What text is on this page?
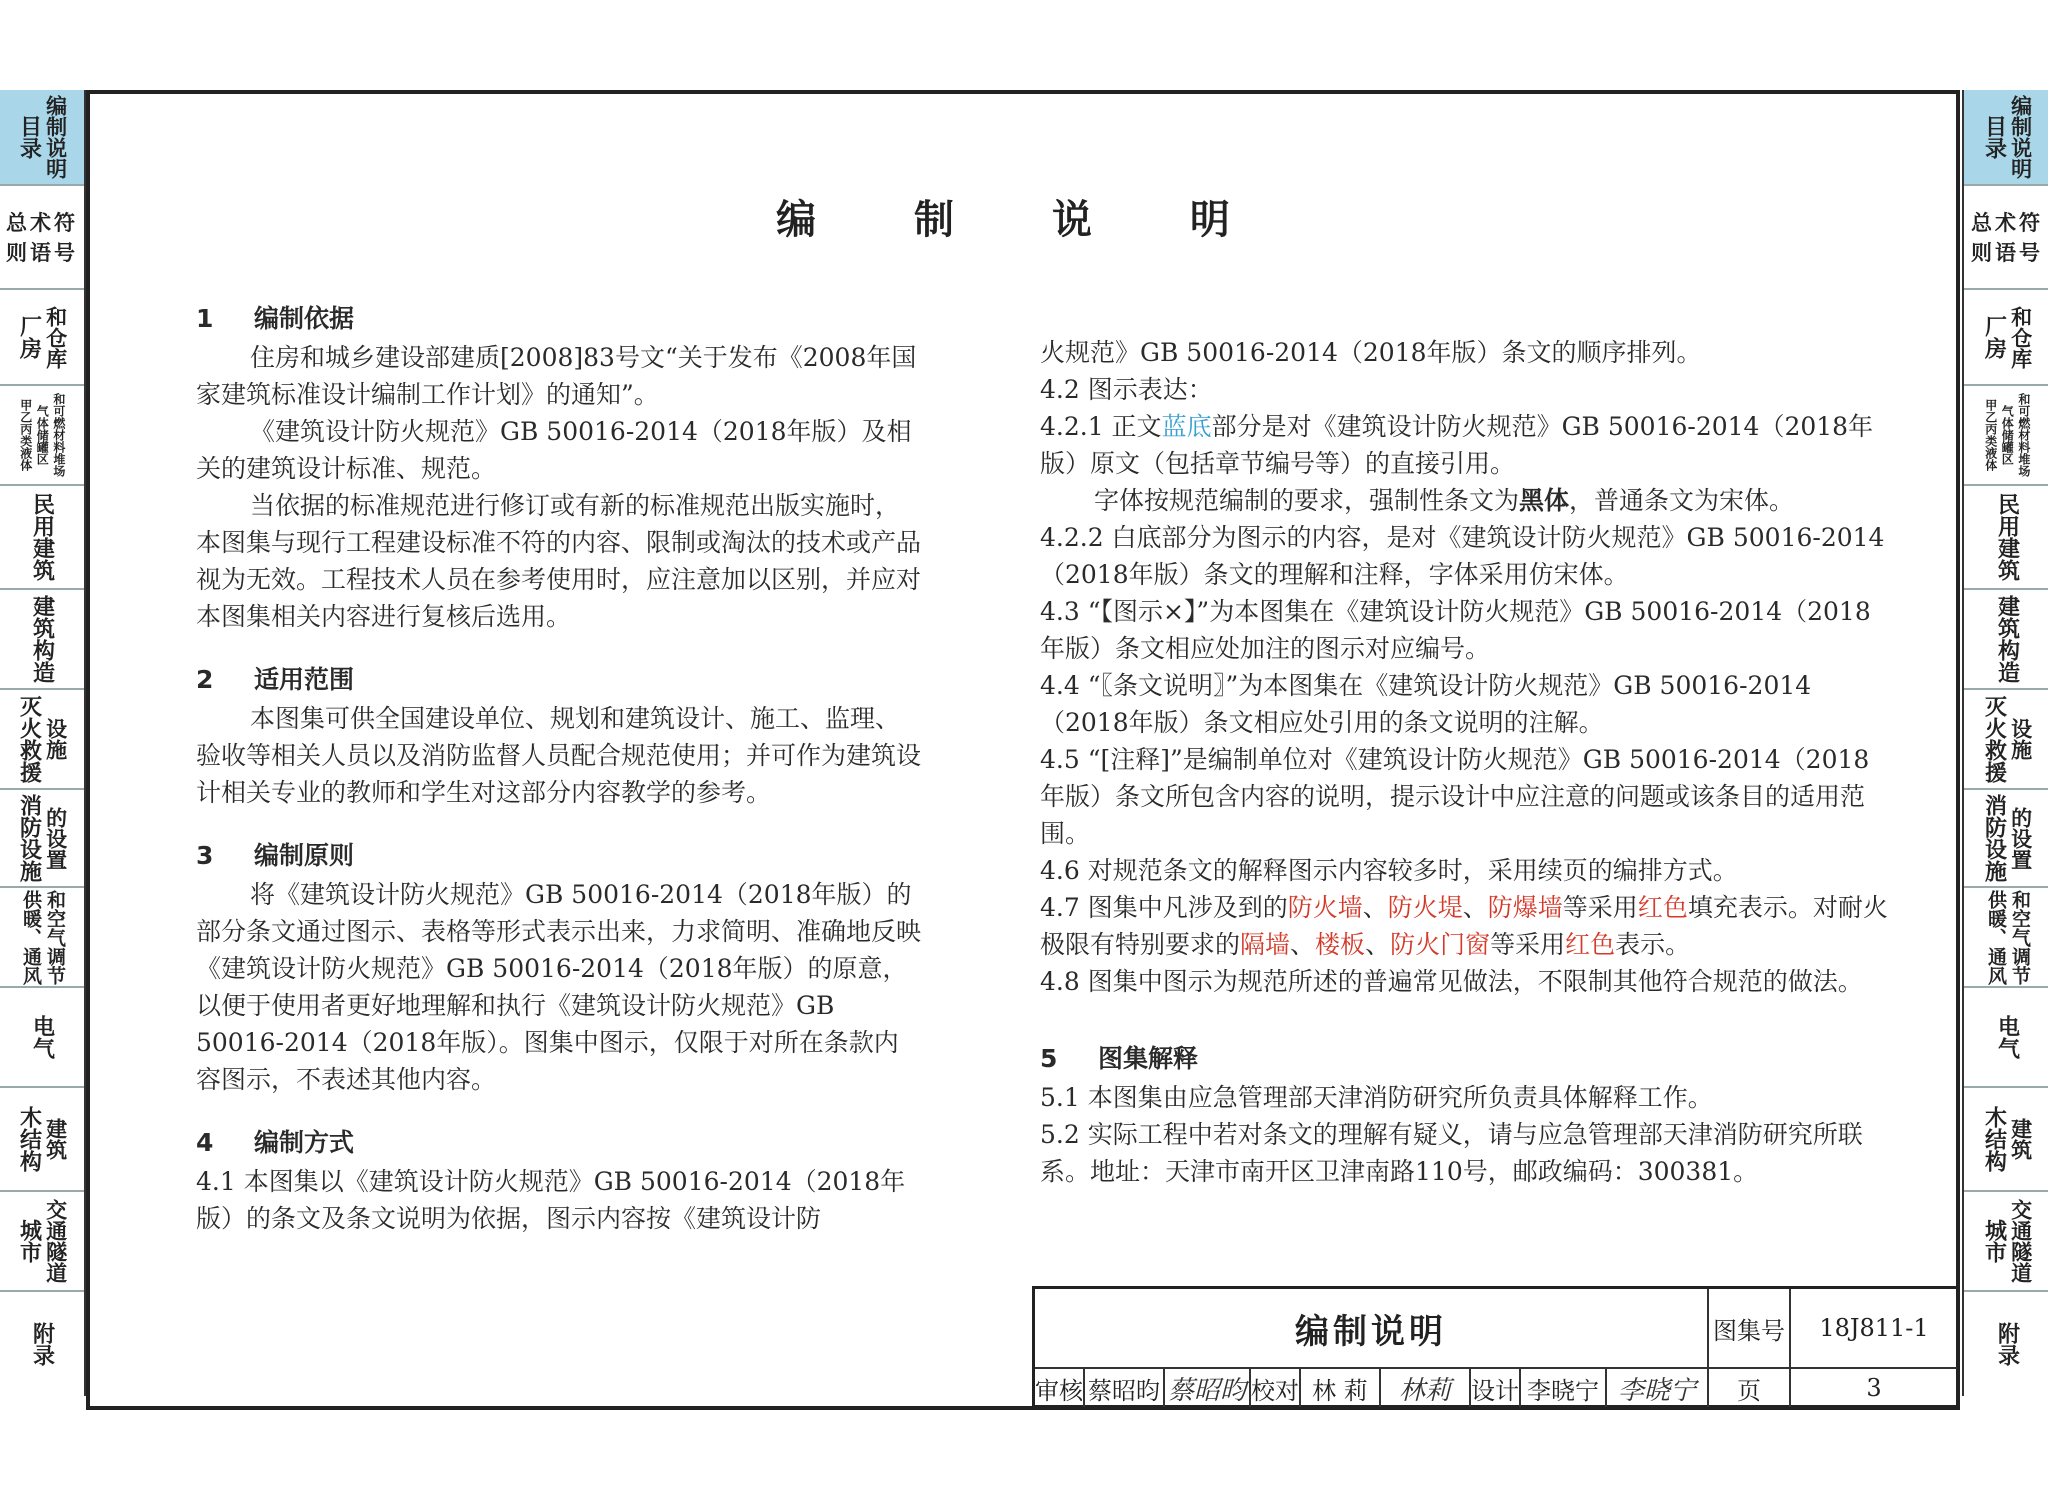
目录 编制说明
总术符
则语号
厂房 和仓库
甲乙丙类液体 气体储罐区 和可燃材料堆场
民用建筑
建筑构造
灭火救援 设施
消防设施 的设置
供暖、通风 和空气调节
电气
木结构 建筑
城市 交通隧道
附录
目录 编制说明
总术符
则语号
厂房 和仓库
甲乙丙类液体 气体储罐区 和可燃材料堆场
民用建筑
建筑构造
灭火救援 设施
消防设施 的设置
供暖、通风 和空气调节
电气
木结构 建筑
城市 交通隧道
附录
编 制 说 明

1 编制依据

住房和城乡建设部建质[2008]83号文“关于发布《2008年国家建筑标准设计编制工作计划》的通知”。

《建筑设计防火规范》GB 50016-2014（2018年版）及相关的建筑设计标准、规范。

当依据的标准规范进行修订或有新的标准规范出版实施时，本图集与现行工程建设标准不符的内容、限制或淘汰的技术或产品视为无效。工程技术人员在参考使用时，应注意加以区别，并应对本图集相关内容进行复核后选用。

2 适用范围

本图集可供全国建设单位、规划和建筑设计、施工、监理、验收等相关人员以及消防监督人员配合规范使用；并可作为建筑设计相关专业的教师和学生对这部分内容教学的参考。

3 编制原则

将《建筑设计防火规范》GB 50016-2014（2018年版）的部分条文通过图示、表格等形式表示出来，力求简明、准确地反映《建筑设计防火规范》GB 50016-2014（2018年版）的原意，以便于使用者更好地理解和执行《建筑设计防火规范》GB 50016-2014（2018年版）。图集中图示，仅限于对所在条款内容图示，不表述其他内容。

4 编制方式

4.1 本图集以《建筑设计防火规范》GB 50016-2014（2018年版）的条文及条文说明为依据，图示内容按《建筑设计防

火规范》GB 50016-2014（2018年版）条文的顺序排列。

4.2 图示表达：

4.2.1 正文蓝底部分是对《建筑设计防火规范》GB 50016-2014（2018年版）原文（包括章节编号等）的直接引用。

字体按规范编制的要求，强制性条文为黑体，普通条文为宋体。

4.2.2 白底部分为图示的内容，是对《建筑设计防火规范》GB 50016-2014（2018年版）条文的理解和注释，字体采用仿宋体。

4.3 “【图示×】”为本图集在《建筑设计防火规范》GB 50016-2014（2018年版）条文相应处加注的图示对应编号。

4.4 “〖条文说明〗”为本图集在《建筑设计防火规范》GB 50016-2014（2018年版）条文相应处引用的条文说明的注解。

4.5 “[注释]”是编制单位对《建筑设计防火规范》GB 50016-2014（2018年版）条文所包含内容的说明，提示设计中应注意的问题或该条目的适用范围。

4.6 对规范条文的解释图示内容较多时，采用续页的编排方式。

4.7 图集中凡涉及到的防火墙、防火堤、防爆墙等采用红色填充表示。对耐火极限有特别要求的隔墙、楼板、防火门窗等采用红色表示。

4.8 图集中图示为规范所述的普遍常见做法，不限制其他符合规范的做法。

5 图集解释

5.1 本图集由应急管理部天津消防研究所负责具体解释工作。

5.2 实际工程中若对条文的理解有疑义，请与应急管理部天津消防研究所联系。地址：天津市南开区卫津南路110号，邮政编码：300381。

编制说明	图集号	18J811-1
审核 蔡昭昀 蔡昭昀 校对 林 莉	林莉 设计 李晓宁 李晓宁	页	3
